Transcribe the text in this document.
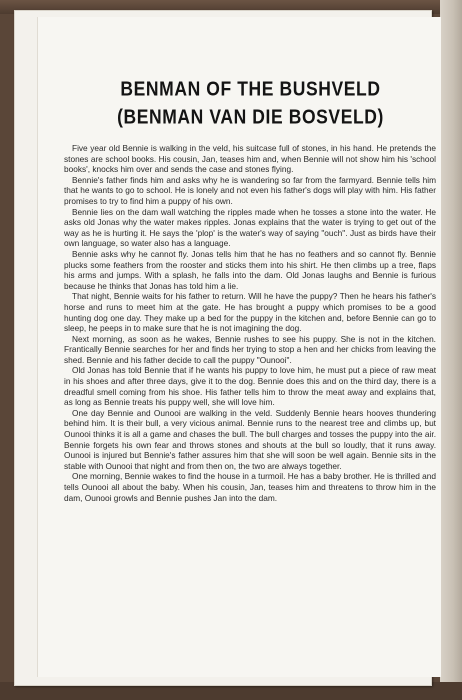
BENMAN OF THE BUSHVELD
(BENMAN VAN DIE BOSVELD)

Five year old Bennie is walking in the veld, his suitcase full of stones, in his hand. He pretends the stones are school books. His cousin, Jan, teases him and, when Bennie will not show him his 'school books', knocks him over and sends the case and stones flying.

Bennie's father finds him and asks why he is wandering so far from the farmyard. Bennie tells him that he wants to go to school. He is lonely and not even his father's dogs will play with him. His father promises to try to find him a puppy of his own.

Bennie lies on the dam wall watching the ripples made when he tosses a stone into the water. He asks old Jonas why the water makes ripples. Jonas explains that the water is trying to get out of the way as he is hurting it. He says the 'plop' is the water's way of saying "ouch". Just as birds have their own language, so water also has a language.

Bennie asks why he cannot fly. Jonas tells him that he has no feathers and so cannot fly. Bennie plucks some feathers from the rooster and sticks them into his shirt. He then climbs up a tree, flaps his arms and jumps. With a splash, he falls into the dam. Old Jonas laughs and Bennie is furious because he thinks that Jonas has told him a lie.

That night, Bennie waits for his father to return. Will he have the puppy? Then he hears his father's horse and runs to meet him at the gate. He has brought a puppy which promises to be a good hunting dog one day. They make up a bed for the puppy in the kitchen and, before Bennie can go to sleep, he peeps in to make sure that he is not imagining the dog.

Next morning, as soon as he wakes, Bennie rushes to see his puppy. She is not in the kitchen. Frantically Bennie searches for her and finds her trying to stop a hen and her chicks from leaving the shed. Bennie and his father decide to call the puppy "Ounooi".

Old Jonas has told Bennie that if he wants his puppy to love him, he must put a piece of raw meat in his shoes and after three days, give it to the dog. Bennie does this and on the third day, there is a dreadful smell coming from his shoe. His father tells him to throw the meat away and explains that, as long as Bennie treats his puppy well, she will love him.

One day Bennie and Ounooi are walking in the veld. Suddenly Bennie hears hooves thundering behind him. It is their bull, a very vicious animal. Bennie runs to the nearest tree and climbs up, but Ounooi thinks it is all a game and chases the bull. The bull charges and tosses the puppy into the air. Bennie forgets his own fear and throws stones and shouts at the bull so loudly, that it runs away. Ounooi is injured but Bennie's father assures him that she will soon be well again. Bennie sits in the stable with Ounooi that night and from then on, the two are always together.

One morning, Bennie wakes to find the house in a turmoil. He has a baby brother. He is thrilled and tells Ounooi all about the baby. When his cousin, Jan, teases him and threatens to throw him in the dam, Ounooi growls and Bennie pushes Jan into the dam.
